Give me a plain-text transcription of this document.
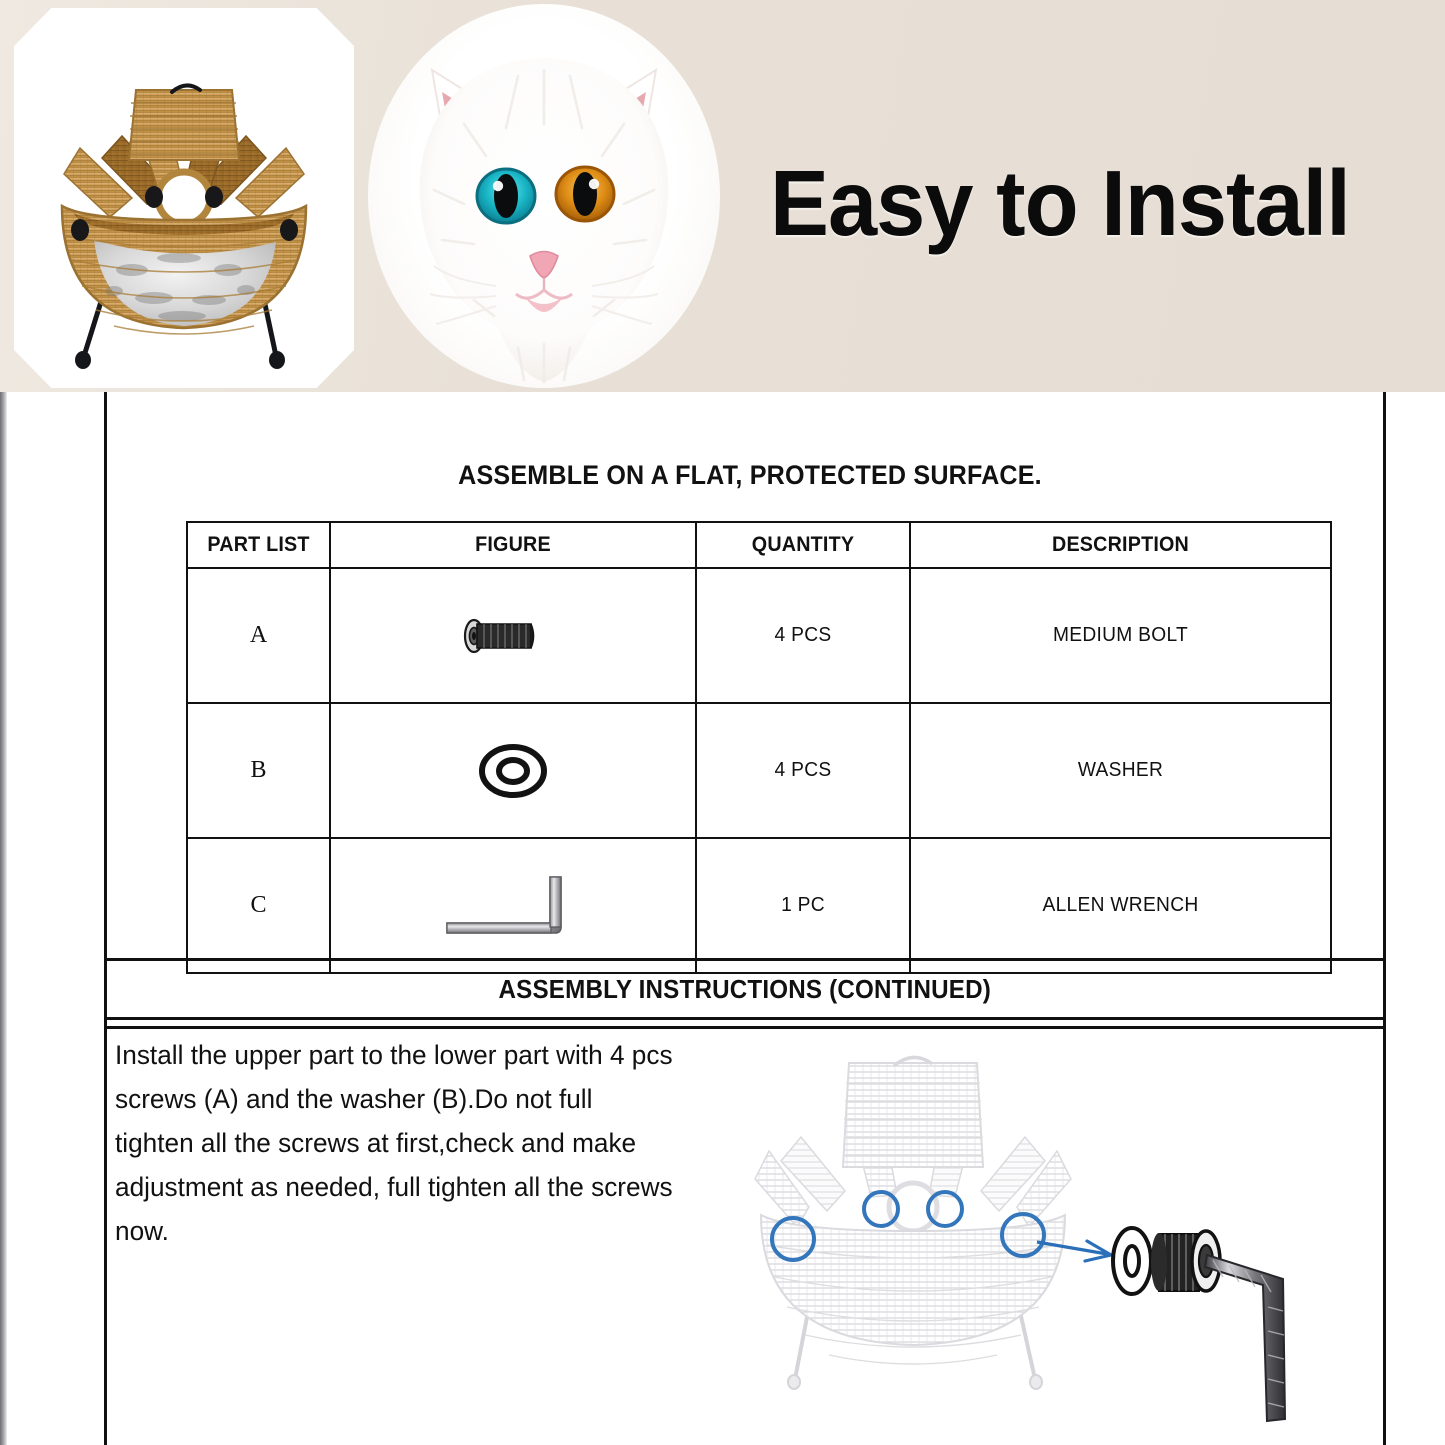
Easy to Install
ASSEMBLE ON A FLAT, PROTECTED SURFACE.
PART LIST	FIGURE	QUANTITY	DESCRIPTION
A		4 PCS	MEDIUM BOLT
B		4 PCS	WASHER
C		1 PC	ALLEN WRENCH
ASSEMBLY INSTRUCTIONS (CONTINUED)
Install the upper part to the lower part with 4 pcs screws (A) and the washer (B).Do not full tighten all the screws at first,check and make adjustment as needed, full tighten all the screws now.
